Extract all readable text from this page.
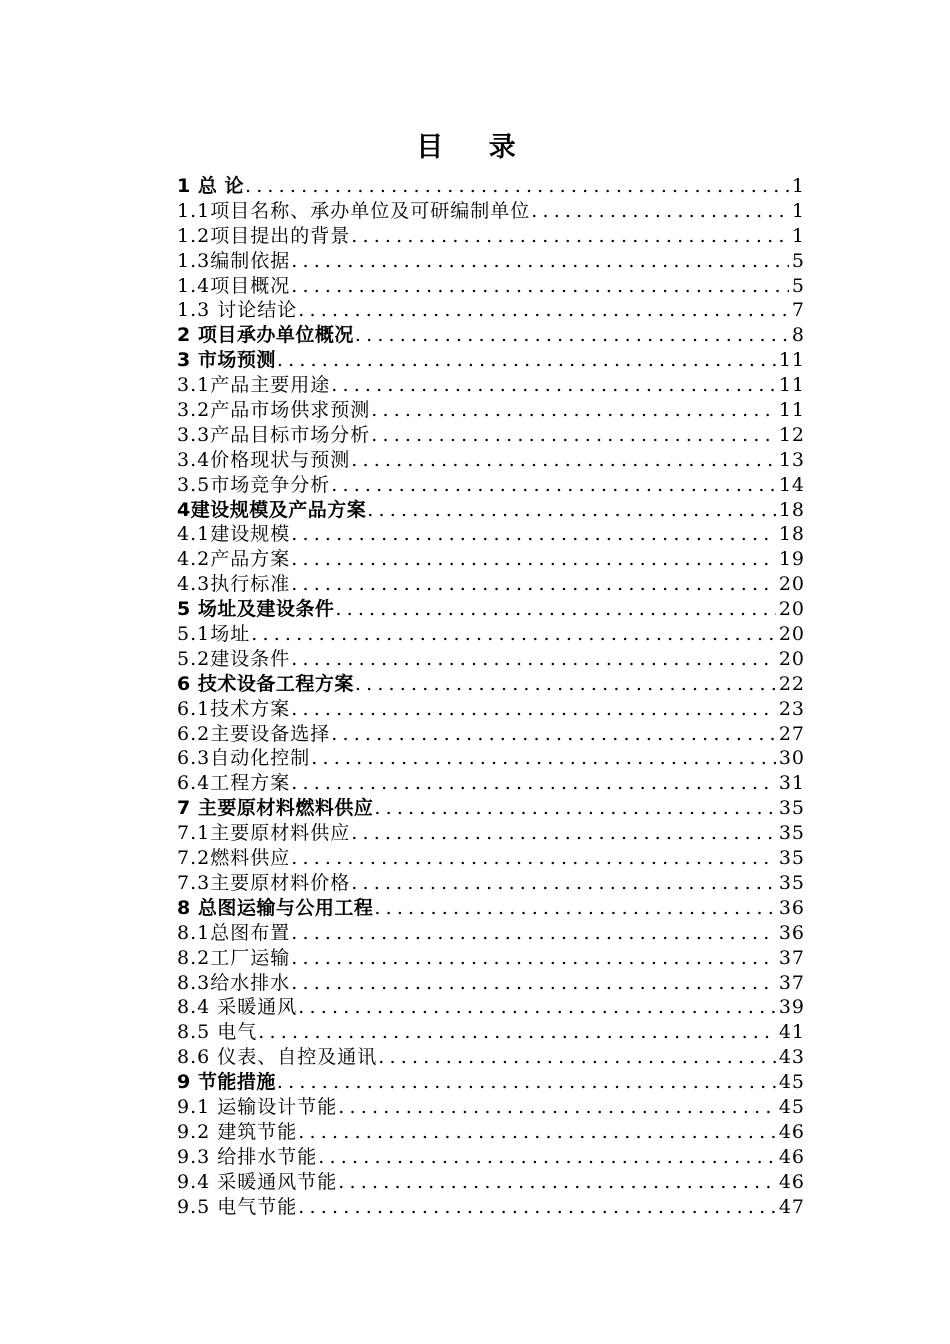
目 录
1 总 论 .....	1
1.1项目名称、承办单位及可研编制单位 .....	1
1.2项目提出的背景 .....	1
1.3编制依据 .....	5
1.4项目概况 .....	5
1.3 讨论结论 .....	7
2 项目承办单位概况 .....	8
3 市场预测 .....	11
3.1产品主要用途 .....	11
3.2产品市场供求预测 .....	11
3.3产品目标市场分析 .....	12
3.4价格现状与预测 .....	13
3.5市场竞争分析 .....	14
4建设规模及产品方案 .....	18
4.1建设规模 .....	18
4.2产品方案 .....	19
4.3执行标准 .....	20
5 场址及建设条件 .....	20
5.1场址 .....	20
5.2建设条件 .....	20
6 技术设备工程方案 .....	22
6.1技术方案 .....	23
6.2主要设备选择 .....	27
6.3自动化控制 .....	30
6.4工程方案 .....	31
7 主要原材料燃料供应 .....	35
7.1主要原材料供应 .....	35
7.2燃料供应 .....	35
7.3主要原材料价格 .....	35
8 总图运输与公用工程 .....	36
8.1总图布置 .....	36
8.2工厂运输 .....	37
8.3给水排水 .....	37
8.4 采暖通风 .....	39
8.5 电气 .....	41
8.6 仪表、自控及通讯 .....	43
9 节能措施 .....	45
9.1 运输设计节能 .....	45
9.2 建筑节能 .....	46
9.3 给排水节能 .....	46
9.4 采暖通风节能 .....	46
9.5 电气节能 .....	47
